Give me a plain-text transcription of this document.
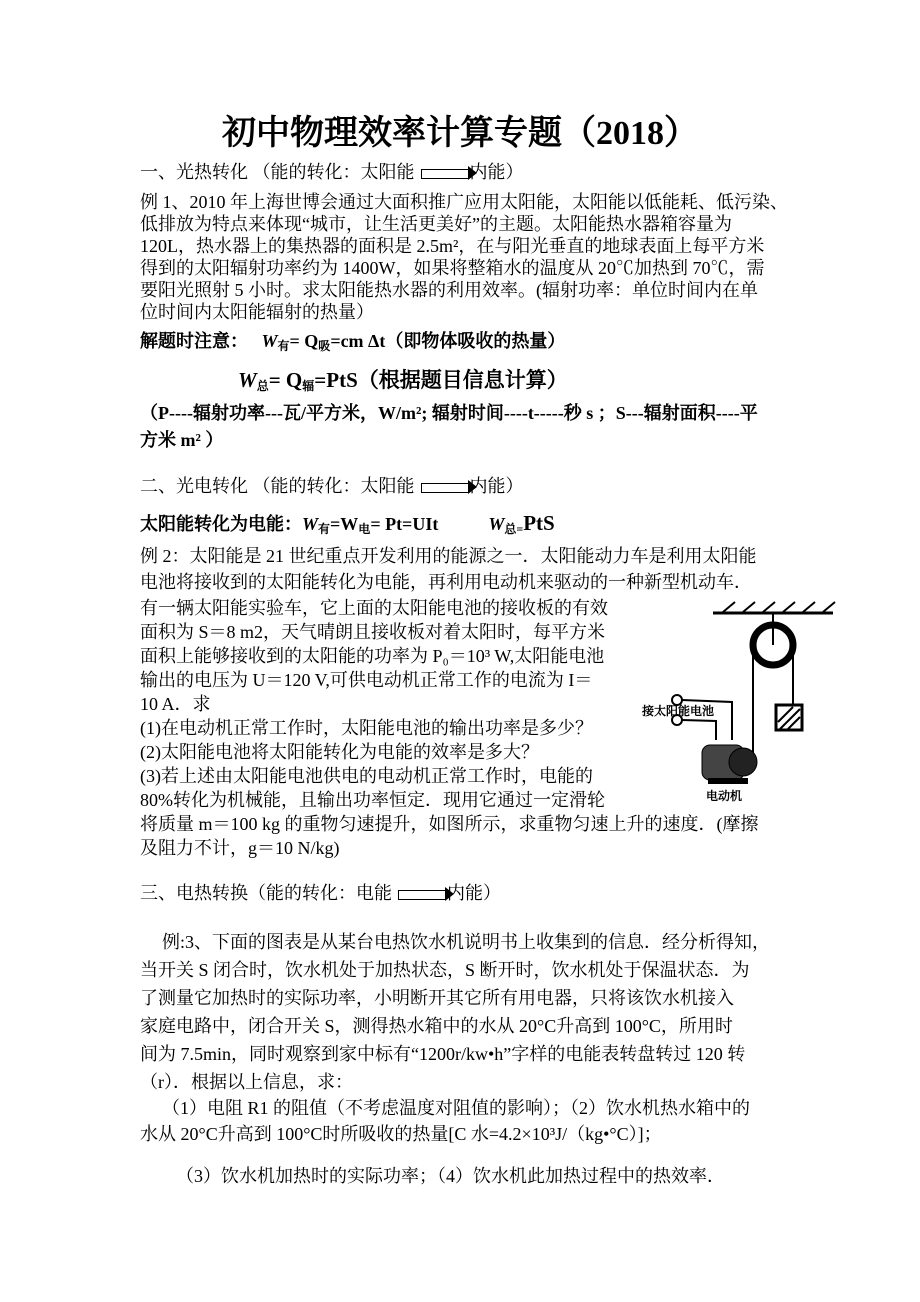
初中物理效率计算专题（2018）
一、光热转化 （能的转化：太阳能	内能）
例 1、2010 年上海世博会通过大面积推广应用太阳能，太阳能以低能耗、低污染、
低排放为特点来体现“城市，让生活更美好”的主题。太阳能热水器箱容量为
120L，热水器上的集热器的面积是 2.5m²，在与阳光垂直的地球表面上每平方米
得到的太阳辐射功率约为 1400W，如果将整箱水的温度从 20℃加热到 70℃，需
要阳光照射 5 小时。求太阳能热水器的利用效率。(辐射功率：单位时间内在单
位时间内太阳能辐射的热量）
解题时注意： $W_有= Q_吸=cm$ Δt（即物体吸收的热量）
$W_总= Q_辐=PtS$（根据题目信息计算）
（P----辐射功率---瓦/平方米，W/m²; 辐射时间----t-----秒 s ；S---辐射面积----平
方米 m² ）
二、光电转化 （能的转化：太阳能	内能）
太阳能转化为电能：$W_有=W_电= Pt=UIt$	$W_{总=}PtS$
例 2：太阳能是 21 世纪重点开发利用的能源之一．太阳能动力车是利用太阳能
电池将接收到的太阳能转化为电能，再利用电动机来驱动的一种新型机动车．
有一辆太阳能实验车，它上面的太阳能电池的接收板的有效
面积为 S＝8 m2，天气晴朗且接收板对着太阳时，每平方米
面积上能够接收到的太阳能的功率为 P₀＝10³ W,太阳能电池
输出的电压为 U＝120 V,可供电动机正常工作的电流为 I＝
10 A．求
(1)在电动机正常工作时，太阳能电池的输出功率是多少？
(2)太阳能电池将太阳能转化为电能的效率是多大？
(3)若上述由太阳能电池供电的电动机正常工作时，电能的
80%转化为机械能，且输出功率恒定．现用它通过一定滑轮
将质量 m＝100 kg 的重物匀速提升，如图所示，求重物匀速上升的速度．(摩擦
及阻力不计，g＝10 N/kg)
接太阳能电池
电动机
三、电热转换（能的转化：电能	内能）
例:3、下面的图表是从某台电热饮水机说明书上收集到的信息．经分析得知，
当开关 S 闭合时，饮水机处于加热状态，S 断开时，饮水机处于保温状态．为
了测量它加热时的实际功率，小明断开其它所有用电器，只将该饮水机接入
家庭电路中，闭合开关 S，测得热水箱中的水从 20°C升高到 100°C，所用时
间为 7.5min，同时观察到家中标有“1200r/kw•h”字样的电能表转盘转过 120 转
（r）．根据以上信息，求：
（1）电阻 R1 的阻值（不考虑温度对阻值的影响）；（2）饮水机热水箱中的
水从 20°C升高到 100°C时所吸收的热量[C 水=4.2×10³J/（kg•°C）]；
（3）饮水机加热时的实际功率；（4）饮水机此加热过程中的热效率．
